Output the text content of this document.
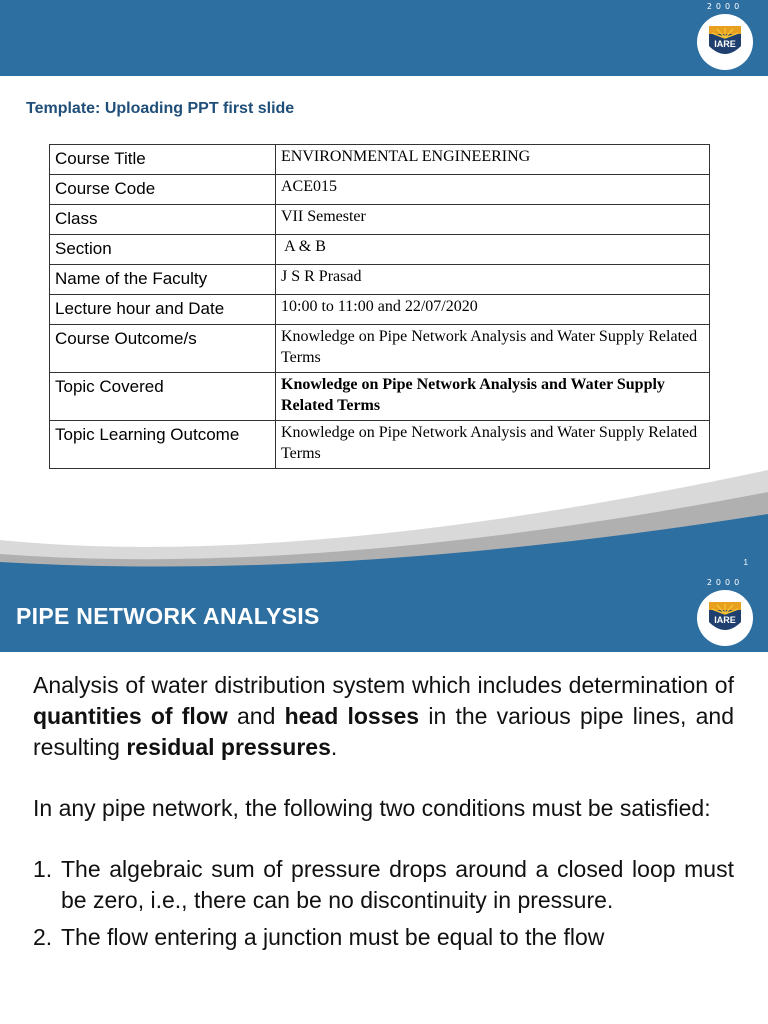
2000
IARE
Template: Uploading PPT first slide
Course Title	ENVIRONMENTAL ENGINEERING
Course Code	ACE015
Class	VII Semester
Section	A & B
Name of the Faculty	J S R Prasad
Lecture hour and Date	10:00 to 11:00 and 22/07/2020
Course Outcome/s	Knowledge on Pipe Network Analysis and Water Supply Related Terms
Topic Covered	Knowledge on Pipe Network Analysis and Water Supply Related Terms
Topic Learning Outcome	Knowledge on Pipe Network Analysis and Water Supply Related Terms
1
PIPE NETWORK ANALYSIS
2000
IARE

Analysis of water distribution system which includes determination of quantities of flow and head losses in the various pipe lines, and resulting residual pressures.

In any pipe network, the following two conditions must be satisfied:

1. The algebraic sum of pressure drops around a closed loop must be zero, i.e., there can be no discontinuity in pressure.
2. The flow entering a junction must be equal to the flow
